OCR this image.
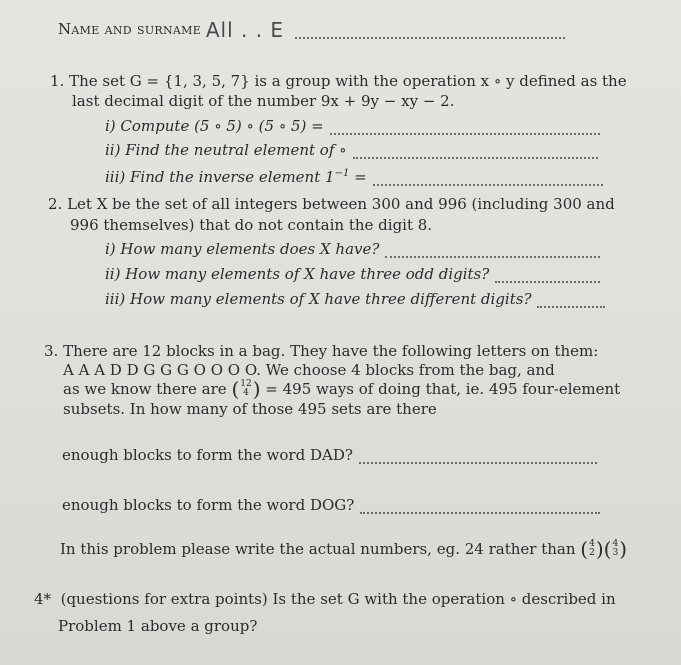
Name and surname All . . E
1. The set G = {1, 3, 5, 7} is a group with the operation x ∘ y defined as the
last decimal digit of the number 9x + 9y − xy − 2.
i) Compute (5 ∘ 5) ∘ (5 ∘ 5) =
ii) Find the neutral element of ∘
iii) Find the inverse element $1^{-1}$ =
2. Let X be the set of all integers between 300 and 996 (including 300 and
996 themselves) that do not contain the digit 8.
i) How many elements does X have?
ii) How many elements of X have three odd digits?
iii) How many elements of X have three different digits?
3. There are 12 blocks in a bag. They have the following letters on them:
A A A D D G G G O O O O. We choose 4 blocks from the bag, and
as we know there are
( 12
4 )
= 495 ways of doing that, ie. 495 four-element
subsets. In how many of those 495 sets are there
enough blocks to form the word DAD?
enough blocks to form the word DOG?
In this problem please write the actual numbers, eg. 24 rather than
( 4
2 ) ( 4
3 )
4* (questions for extra points) Is the set G with the operation ∘ described in
Problem 1 above a group?
